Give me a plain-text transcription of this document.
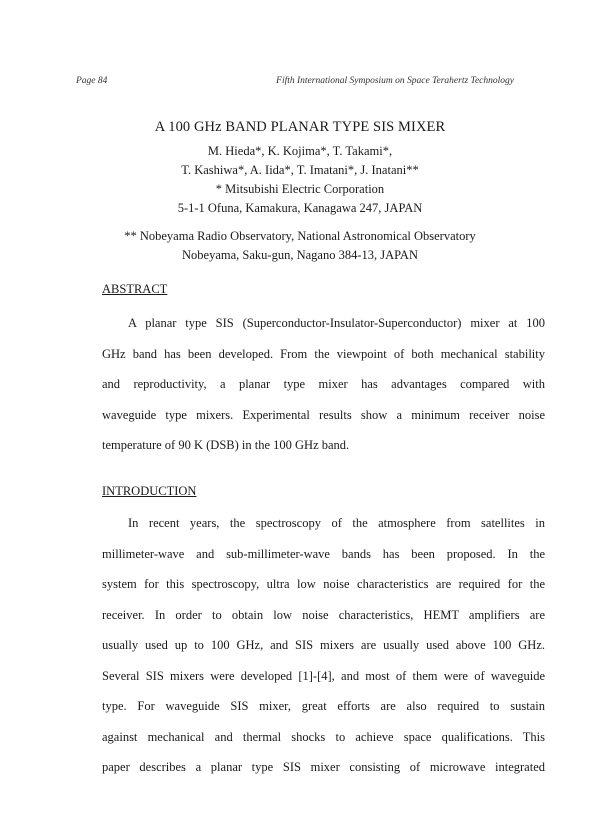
Page 84	Fifth International Symposium on Space Terahertz Technology
A 100 GHz BAND PLANAR TYPE SIS MIXER

M. Hieda*, K. Kojima*, T. Takami*,

T. Kashiwa*, A. Iida*, T. Imatani*, J. Inatani**

* Mitsubishi Electric Corporation

5-1-1 Ofuna, Kamakura, Kanagawa 247, JAPAN

** Nobeyama Radio Observatory, National Astronomical Observatory

Nobeyama, Saku-gun, Nagano 384-13, JAPAN

ABSTRACT
A planar type SIS (Superconductor-Insulator-Superconductor) mixer at 100
GHz band has been developed. From the viewpoint of both mechanical stability
and reproductivity, a planar type mixer has advantages compared with
waveguide type mixers. Experimental results show a minimum receiver noise
temperature of 90 K (DSB) in the 100 GHz band.
INTRODUCTION
In recent years, the spectroscopy of the atmosphere from satellites in
millimeter-wave and sub-millimeter-wave bands has been proposed. In the
system for this spectroscopy, ultra low noise characteristics are required for the
receiver. In order to obtain low noise characteristics, HEMT amplifiers are
usually used up to 100 GHz, and SIS mixers are usually used above 100 GHz.
Several SIS mixers were developed [1]-[4], and most of them were of waveguide
type. For waveguide SIS mixer, great efforts are also required to sustain
against mechanical and thermal shocks to achieve space qualifications. This
paper describes a planar type SIS mixer consisting of microwave integrated
